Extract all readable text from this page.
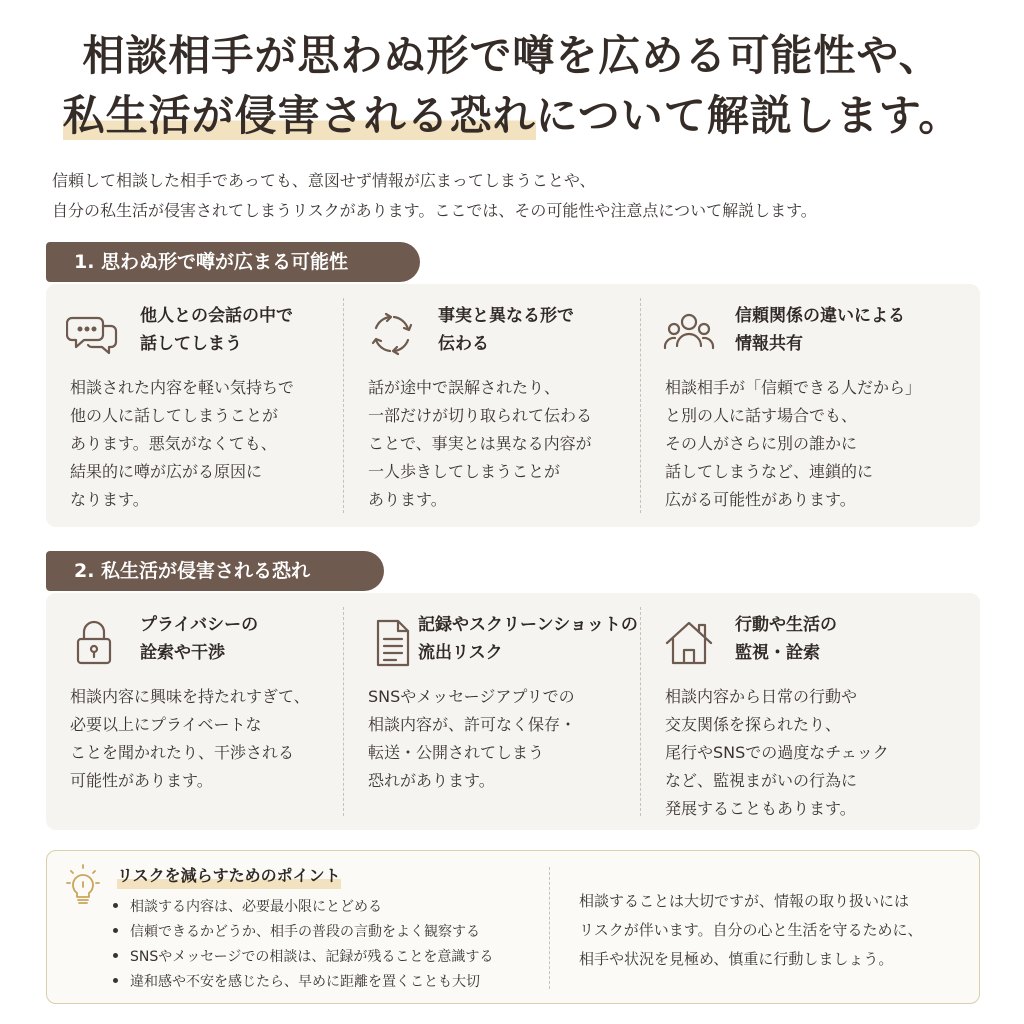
相談相手が思わぬ形で噂を広める可能性や、
私生活が侵害される恐れについて解説します。
信頼して相談した相手であっても、意図せず情報が広まってしまうことや、
自分の私生活が侵害されてしまうリスクがあります。ここでは、その可能性や注意点について解説します。
1. 思わぬ形で噂が広まる可能性
他人との会話の中で
話してしまう
相談された内容を軽い気持ちで
他の人に話してしまうことが
あります。悪気がなくても、
結果的に噂が広がる原因に
なります。
事実と異なる形で
伝わる
話が途中で誤解されたり、
一部だけが切り取られて伝わる
ことで、事実とは異なる内容が
一人歩きしてしまうことが
あります。
信頼関係の違いによる
情報共有
相談相手が「信頼できる人だから」
と別の人に話す場合でも、
その人がさらに別の誰かに
話してしまうなど、連鎖的に
広がる可能性があります。
2. 私生活が侵害される恐れ
プライバシーの
詮索や干渉
相談内容に興味を持たれすぎて、
必要以上にプライベートな
ことを聞かれたり、干渉される
可能性があります。
記録やスクリーンショットの
流出リスク
SNSやメッセージアプリでの
相談内容が、許可なく保存・
転送・公開されてしまう
恐れがあります。
行動や生活の
監視・詮索
相談内容から日常の行動や
交友関係を探られたり、
尾行やSNSでの過度なチェック
など、監視まがいの行為に
発展することもあります。
リスクを減らすためのポイント
相談する内容は、必要最小限にとどめる
信頼できるかどうか、相手の普段の言動をよく観察する
SNSやメッセージでの相談は、記録が残ることを意識する
違和感や不安を感じたら、早めに距離を置くことも大切
相談することは大切ですが、情報の取り扱いには
リスクが伴います。自分の心と生活を守るために、
相手や状況を見極め、慎重に行動しましょう。
